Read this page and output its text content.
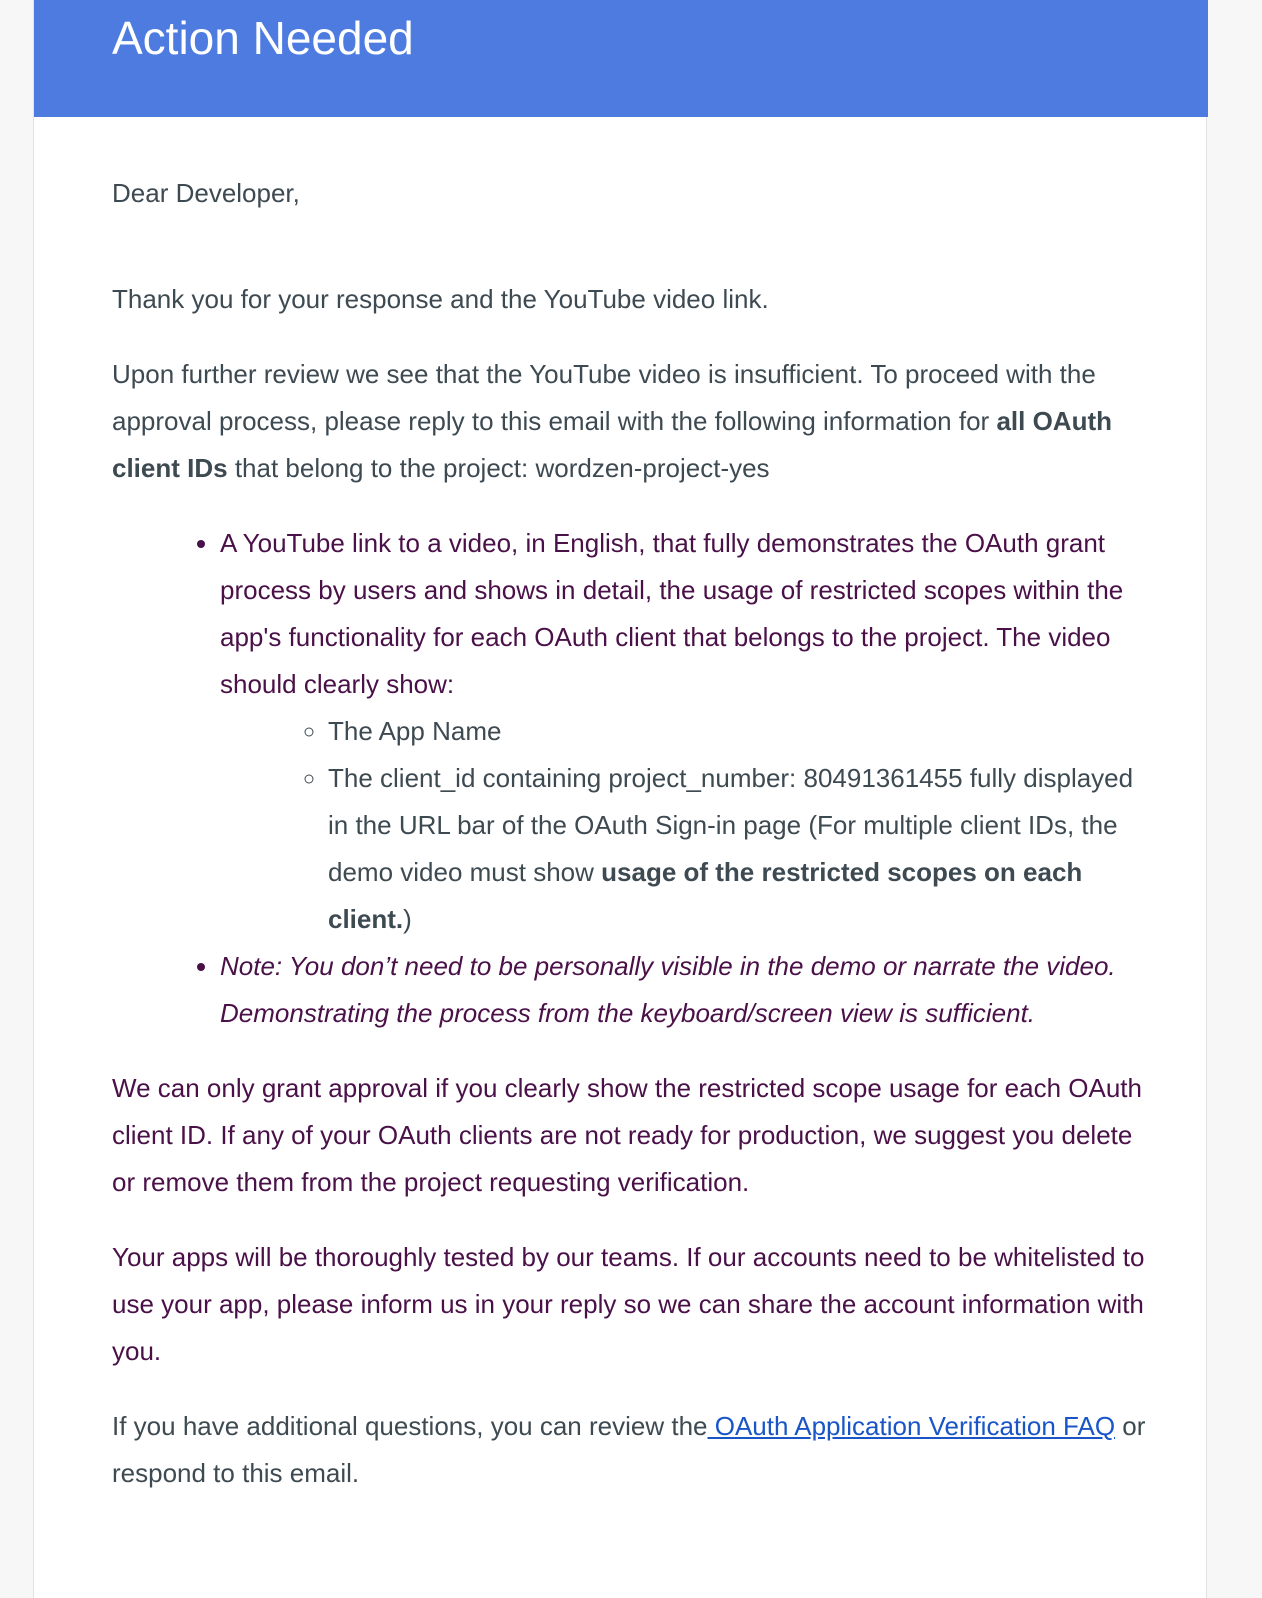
Action Needed

Dear Developer,

Thank you for your response and the YouTube video link.

Upon further review we see that the YouTube video is insufficient. To proceed with the approval process, please reply to this email with the following information for all OAuth client IDs that belong to the project: wordzen-project-yes

• A YouTube link to a video, in English, that fully demonstrates the OAuth grant process by users and shows in detail, the usage of restricted scopes within the app's functionality for each OAuth client that belongs to the project. The video should clearly show:
◦ The App Name
◦ The client_id containing project_number: 80491361455 fully displayed in the URL bar of the OAuth Sign-in page (For multiple client IDs, the demo video must show usage of the restricted scopes on each client.)
• Note: You don’t need to be personally visible in the demo or narrate the video. Demonstrating the process from the keyboard/screen view is sufficient.

We can only grant approval if you clearly show the restricted scope usage for each OAuth client ID. If any of your OAuth clients are not ready for production, we suggest you delete or remove them from the project requesting verification.

Your apps will be thoroughly tested by our teams. If our accounts need to be whitelisted to use your app, please inform us in your reply so we can share the account information with you.

If you have additional questions, you can review the OAuth Application Verification FAQ or respond to this email.
